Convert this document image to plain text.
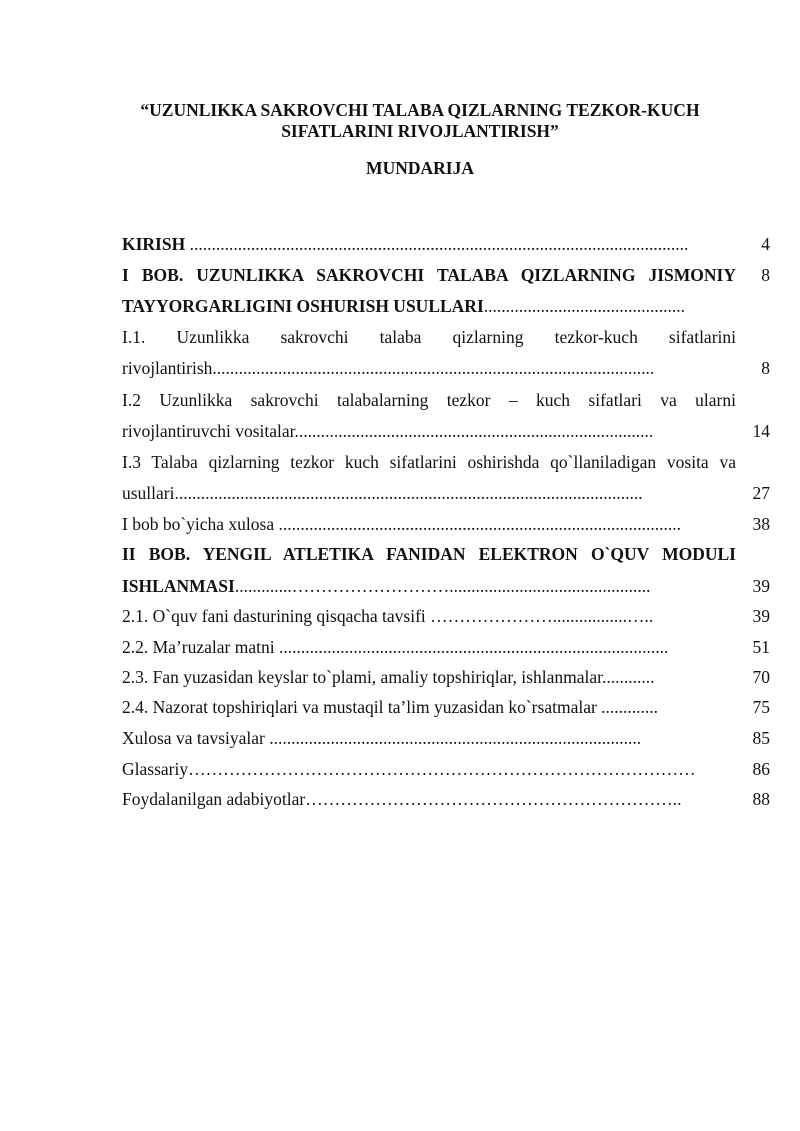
“UZUNLIKKA SAKROVCHI TALABA QIZLARNING TEZKOR-KUCH

SIFATLARINI RIVOJLANTIRISH”

MUNDARIJA

KIRISH ..................................................................................................................	4
I BOB. UZUNLIKKA SAKROVCHI TALABA QIZLARNING JISMONIY	8
TAYYORGARLIGINI OSHURISH USULLARI..............................................
I.1. Uzunlikka sakrovchi talaba qizlarning tezkor-kuch sifatlarini
rivojlantirish.....................................................................................................	8
I.2 Uzunlikka sakrovchi talabalarning tezkor – kuch sifatlari va ularni
rivojlantiruvchi vositalar..................................................................................	14
I.3 Talaba qizlarning tezkor kuch sifatlarini oshirishda qo`llaniladigan vosita va
usullari...........................................................................................................	27
I bob bo`yicha xulosa ............................................................................................	38
II BOB. YENGIL ATLETIKA FANIDAN ELEKTRON O`QUV MODULI
ISHLANMASI.............………………………..............................................	39
2.1. O`quv fani dasturining qisqacha tavsifi ………………….................…..	39
2.2. Ma’ruzalar matni .........................................................................................	51
2.3. Fan yuzasidan keyslar to`plami, amaliy topshiriqlar, ishlanmalar............	70
2.4. Nazorat topshiriqlari va mustaqil ta’lim yuzasidan ko`rsatmalar .............	75
Xulosa va tavsiyalar .....................................................................................	85
Glassariy……………………………………………………………………………	86
Foydalanilgan adabiyotlar………………………………………………………..	88
